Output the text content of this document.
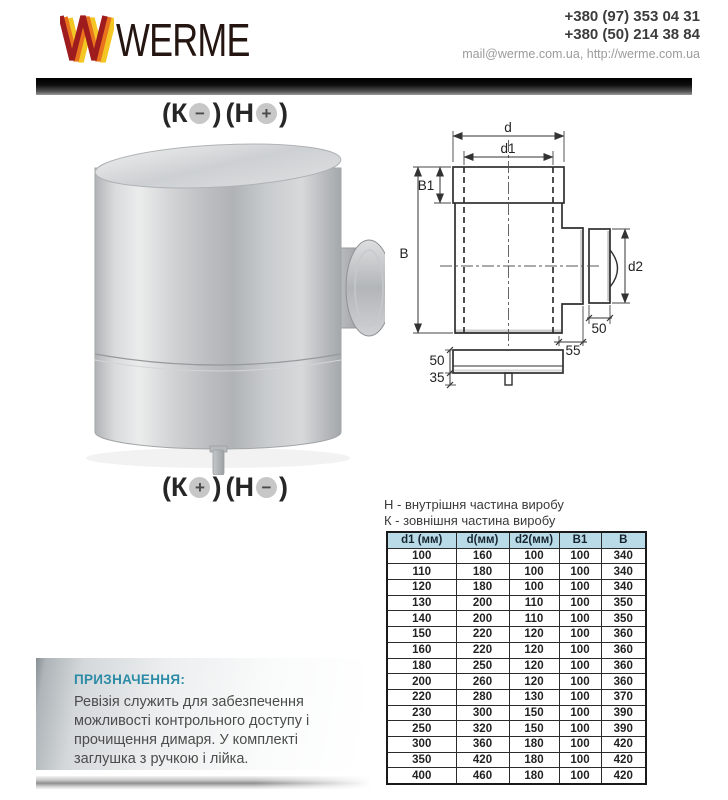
WERME	+380 (97) 353 04 31
+380 (50) 214 38 84
mail@werme.com.ua, http://werme.com.ua
(К − ) (Н + )
(К + ) (Н − )
d
d1
B1
B
d2
50
55
50
35
Н - внутрішня частина виробу
К - зовнішня частина виробу
d1 (мм)	d(мм)	d2(мм)	B1	B
100	160	100	100	340
110	180	100	100	340
120	180	100	100	340
130	200	110	100	350
140	200	110	100	350
150	220	120	100	360
160	220	120	100	360
180	250	120	100	360
200	260	120	100	360
220	280	130	100	370
230	300	150	100	390
250	320	150	100	390
300	360	180	100	420
350	420	180	100	420
400	460	180	100	420
ПРИЗНАЧЕННЯ:

Ревізія служить для забезпечення можливості контрольного доступу і прочищення димаря. У комплекті заглушка з ручкою і лійка.
